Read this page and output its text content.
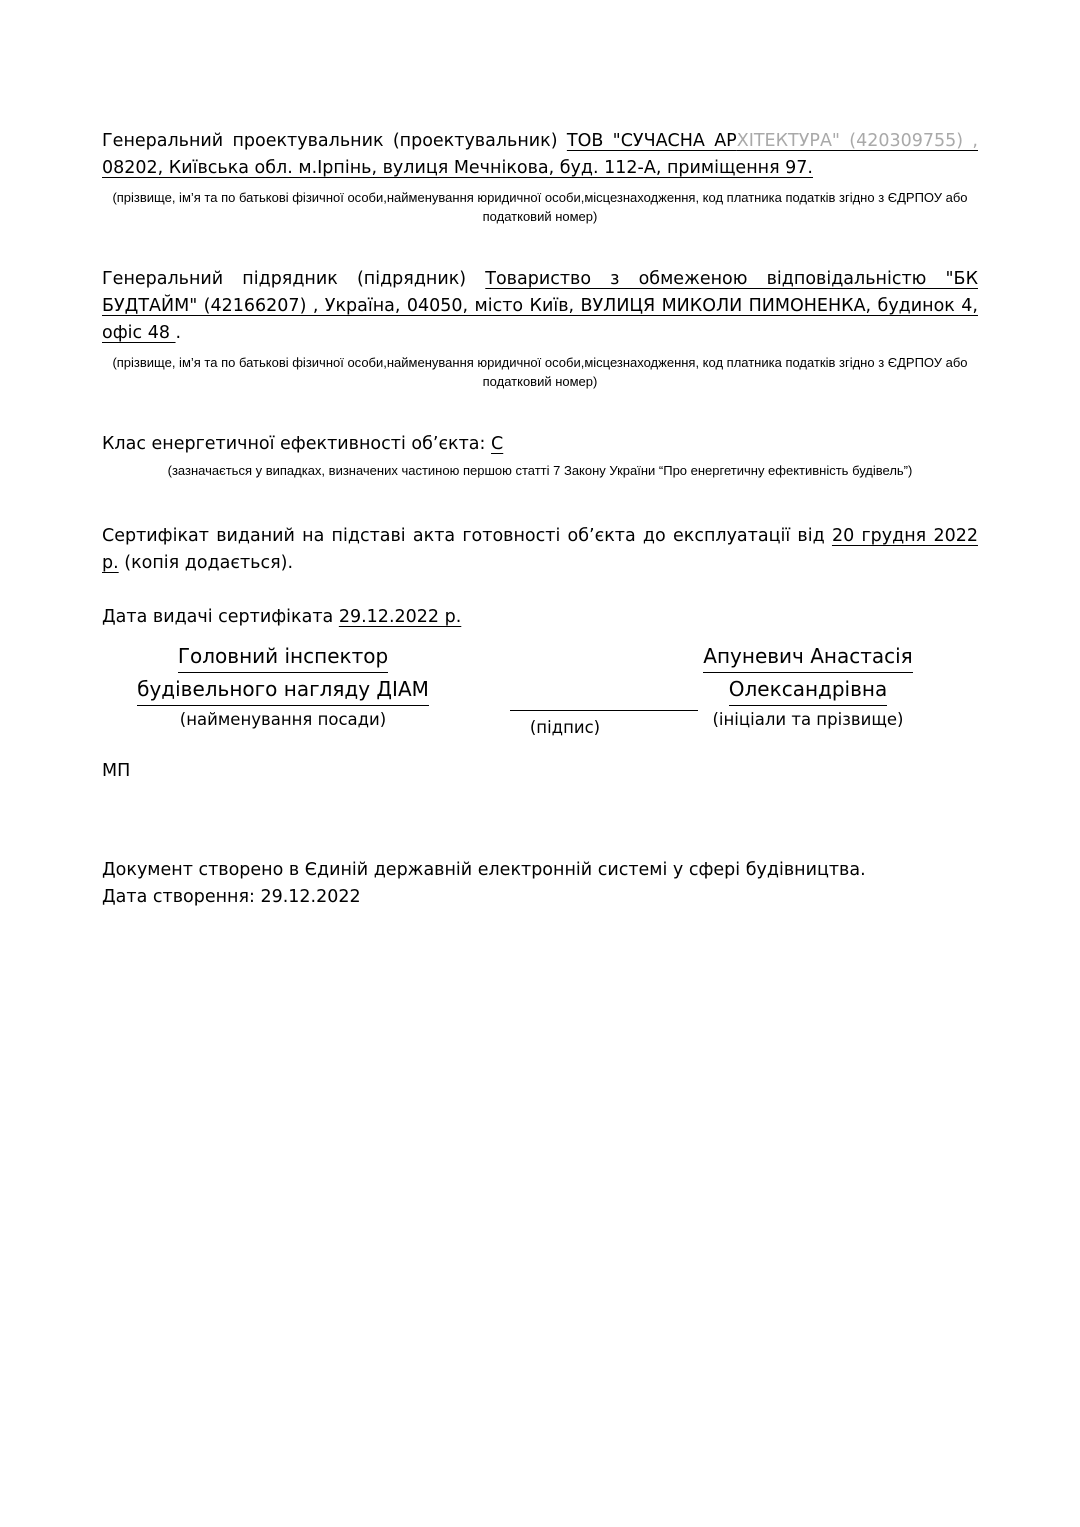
Генеральний проектувальник (проектувальник) ТОВ "СУЧАСНА АРХІТЕКТУРА" (420309755) , 08202, Київська обл. м.Ірпінь, вулиця Мечнікова, буд. 112-А, приміщення 97.

(прізвище, ім’я та по батькові фізичної особи,найменування юридичної особи,місцезнаходження, код платника податків згідно з ЄДРПОУ або податковий номер)

Генеральний підрядник (підрядник) Товариство з обмеженою відповідальністю "БК БУДТАЙМ" (42166207) , Україна, 04050, місто Київ, ВУЛИЦЯ МИКОЛИ ПИМОНЕНКА, будинок 4, офіс 48 .

(прізвище, ім’я та по батькові фізичної особи,найменування юридичної особи,місцезнаходження, код платника податків згідно з ЄДРПОУ або податковий номер)

Клас енергетичної ефективності об’єкта: C

(зазначається у випадках, визначених частиною першою статті 7 Закону України “Про енергетичну ефективність будівель”)

Сертифікат виданий на підставі акта готовності об’єкта до експлуатації від 20 грудня 2022 р. (копія додається).

Дата видачі сертифіката 29.12.2022 р.

Головний інспектор
будівельного нагляду ДІАМ
(найменування посади)	(підпис)
Апуневич Анастасія
Олександрівна
(ініціали та прізвище)

МП

Документ створено в Єдиній державній електронній системі у сфері будівництва.

Дата створення: 29.12.2022
